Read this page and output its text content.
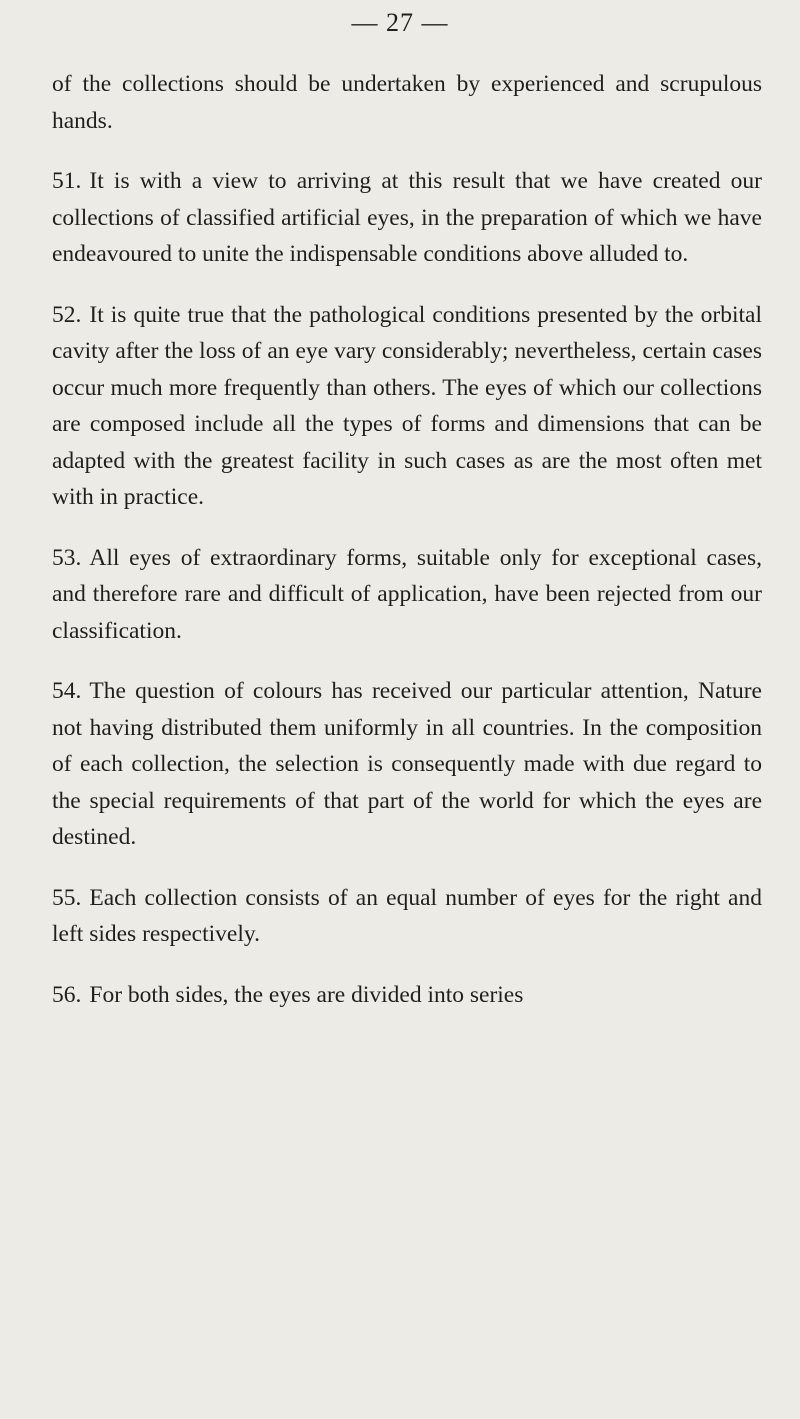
— 27 —

of the collections should be undertaken by experienced and scrupulous hands.

51. It is with a view to arriving at this result that we have created our collections of classified artificial eyes, in the preparation of which we have endeavoured to unite the indispensable conditions above alluded to.

52. It is quite true that the pathological conditions presented by the orbital cavity after the loss of an eye vary considerably; nevertheless, certain cases occur much more frequently than others. The eyes of which our collections are composed include all the types of forms and dimensions that can be adapted with the greatest facility in such cases as are the most often met with in practice.

53. All eyes of extraordinary forms, suitable only for exceptional cases, and therefore rare and difficult of application, have been rejected from our classification.

54. The question of colours has received our particular attention, Nature not having distributed them uniformly in all countries. In the composition of each collection, the selection is consequently made with due regard to the special requirements of that part of the world for which the eyes are destined.

55. Each collection consists of an equal number of eyes for the right and left sides respectively.

56. For both sides, the eyes are divided into series
